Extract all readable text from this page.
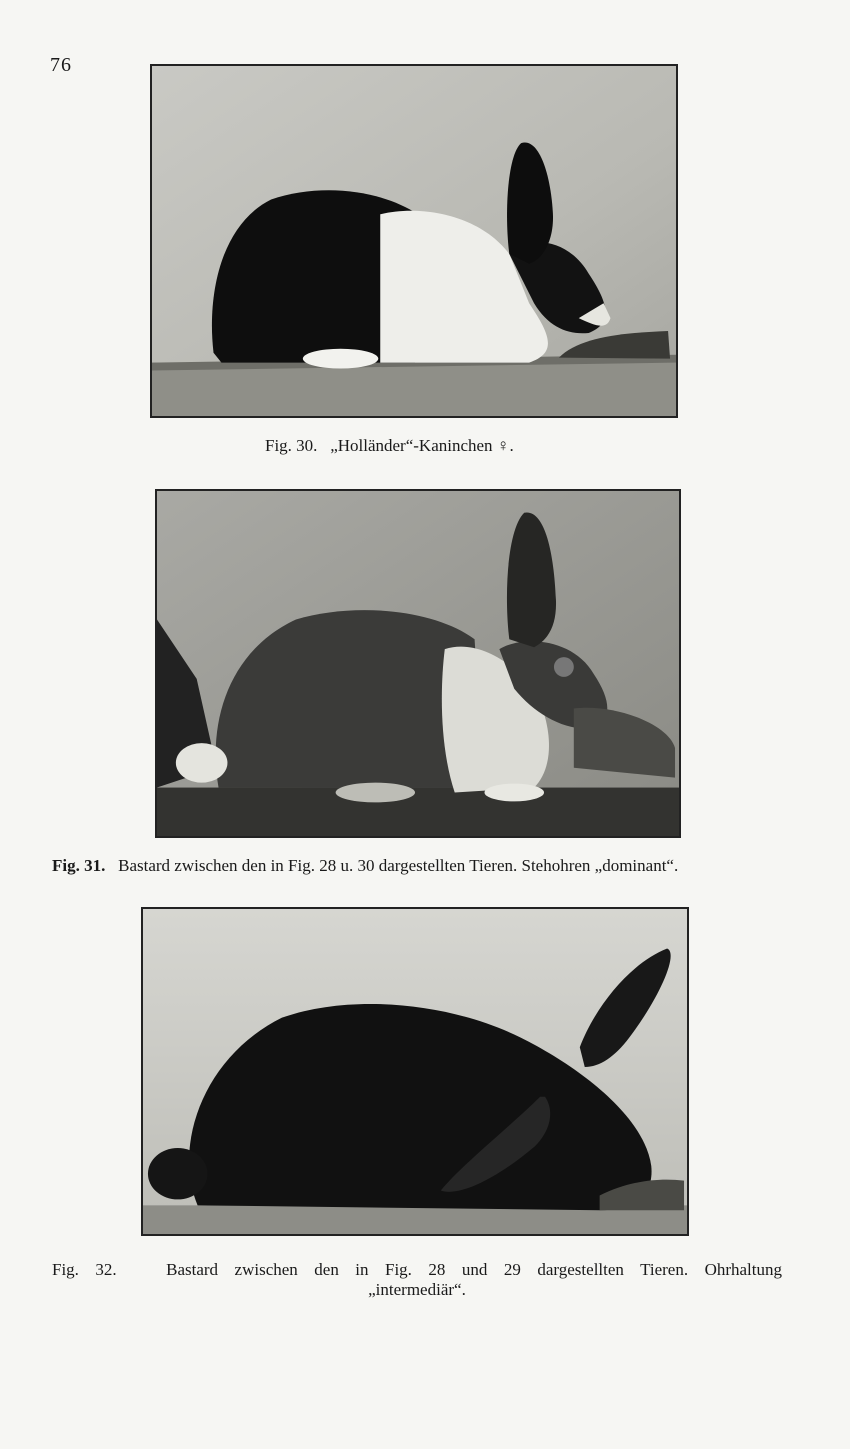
76
Fig. 30. „Holländer“-Kaninchen ♀.
Fig. 31. Bastard zwischen den in Fig. 28 u. 30 dargestellten Tieren. Stehohren „dominant“.
Fig. 32.	Bastard zwischen den in Fig. 28 und 29 dargestellten Tieren. Ohrhaltung
„intermediär“.
